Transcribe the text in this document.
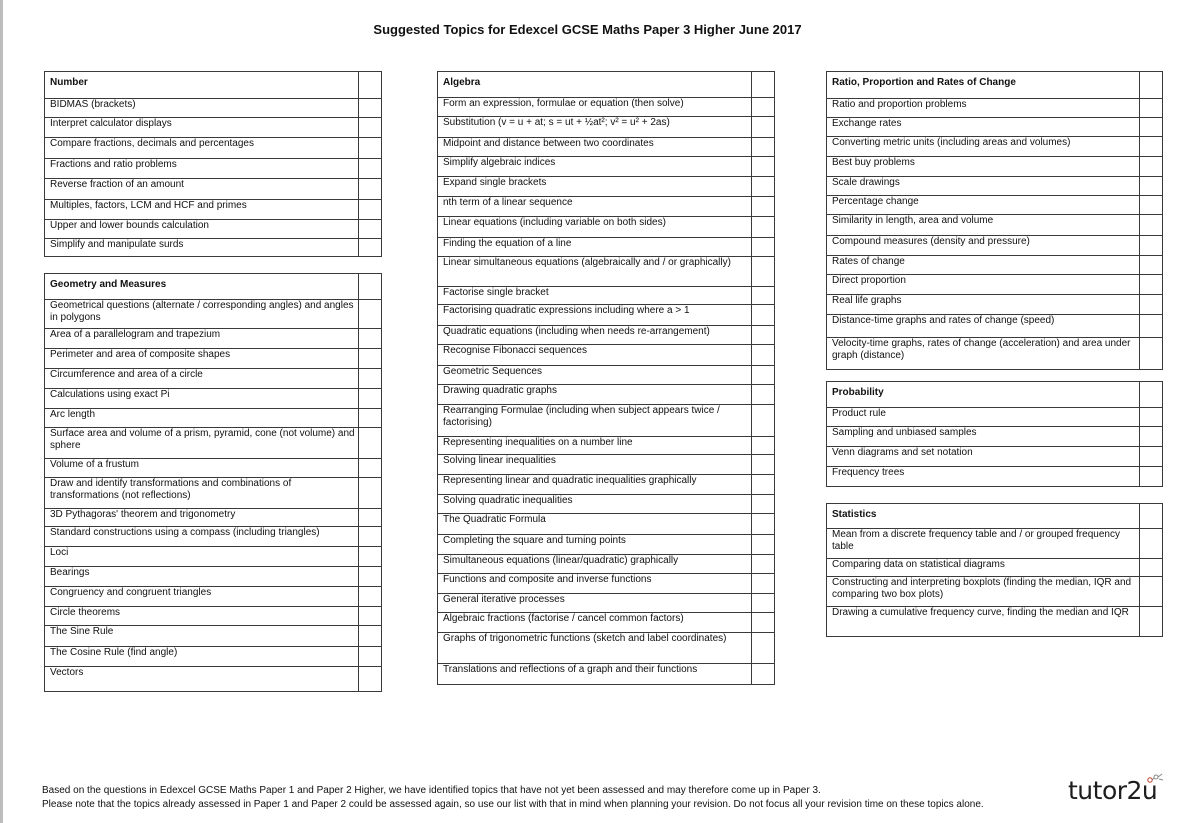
Suggested Topics for Edexcel GCSE Maths Paper 3 Higher June 2017
Number	
BIDMAS (brackets)	
Interpret calculator displays	
Compare fractions, decimals and percentages	
Fractions and ratio problems	
Reverse fraction of an amount	
Multiples, factors, LCM and HCF and primes	
Upper and lower bounds calculation	
Simplify and manipulate surds	
Geometry and Measures	
Geometrical questions (alternate / corresponding angles) and angles in polygons	
Area of a parallelogram and trapezium	
Perimeter and area of composite shapes	
Circumference and area of a circle	
Calculations using exact Pi	
Arc length	
Surface area and volume of a prism, pyramid, cone (not volume) and sphere	
Volume of a frustum	
Draw and identify transformations and combinations of transformations (not reflections)	
3D Pythagoras' theorem and trigonometry	
Standard constructions using a compass (including triangles)	
Loci	
Bearings	
Congruency and congruent triangles	
Circle theorems	
The Sine Rule	
The Cosine Rule (find angle)	
Vectors	
Algebra	
Form an expression, formulae or equation (then solve)	
Substitution (v = u + at; s = ut + ½at²; v² = u² + 2as)	
Midpoint and distance between two coordinates	
Simplify algebraic indices	
Expand single brackets	
nth term of a linear sequence	
Linear equations (including variable on both sides)	
Finding the equation of a line	
Linear simultaneous equations (algebraically and / or graphically)	
Factorise single bracket	
Factorising quadratic expressions including where a > 1	
Quadratic equations (including when needs re-arrangement)	
Recognise Fibonacci sequences	
Geometric Sequences	
Drawing quadratic graphs	
Rearranging Formulae (including when subject appears twice / factorising)	
Representing inequalities on a number line	
Solving linear inequalities	
Representing linear and quadratic inequalities graphically	
Solving quadratic inequalities	
The Quadratic Formula	
Completing the square and turning points	
Simultaneous equations (linear/quadratic) graphically	
Functions and composite and inverse functions	
General iterative processes	
Algebraic fractions (factorise / cancel common factors)	
Graphs of trigonometric functions (sketch and label coordinates)	
Translations and reflections of a graph and their functions	
Ratio, Proportion and Rates of Change	
Ratio and proportion problems	
Exchange rates	
Converting metric units (including areas and volumes)	
Best buy problems	
Scale drawings	
Percentage change	
Similarity in length, area and volume	
Compound measures (density and pressure)	
Rates of change	
Direct proportion	
Real life graphs	
Distance-time graphs and rates of change (speed)	
Velocity-time graphs, rates of change (acceleration) and area under graph (distance)	
Probability	
Product rule	
Sampling and unbiased samples	
Venn diagrams and set notation	
Frequency trees	
Statistics	
Mean from a discrete frequency table and / or grouped frequency table	
Comparing data on statistical diagrams	
Constructing and interpreting boxplots (finding the median, IQR and comparing two box plots)	
Drawing a cumulative frequency curve, finding the median and IQR	
Based on the questions in Edexcel GCSE Maths Paper 1 and Paper 2 Higher, we have identified topics that have not yet been assessed and may therefore come up in Paper 3.
Please note that the topics already assessed in Paper 1 and Paper 2 could be assessed again, so use our list with that in mind when planning your revision. Do not focus all your revision time on these topics alone.	tutor2u
